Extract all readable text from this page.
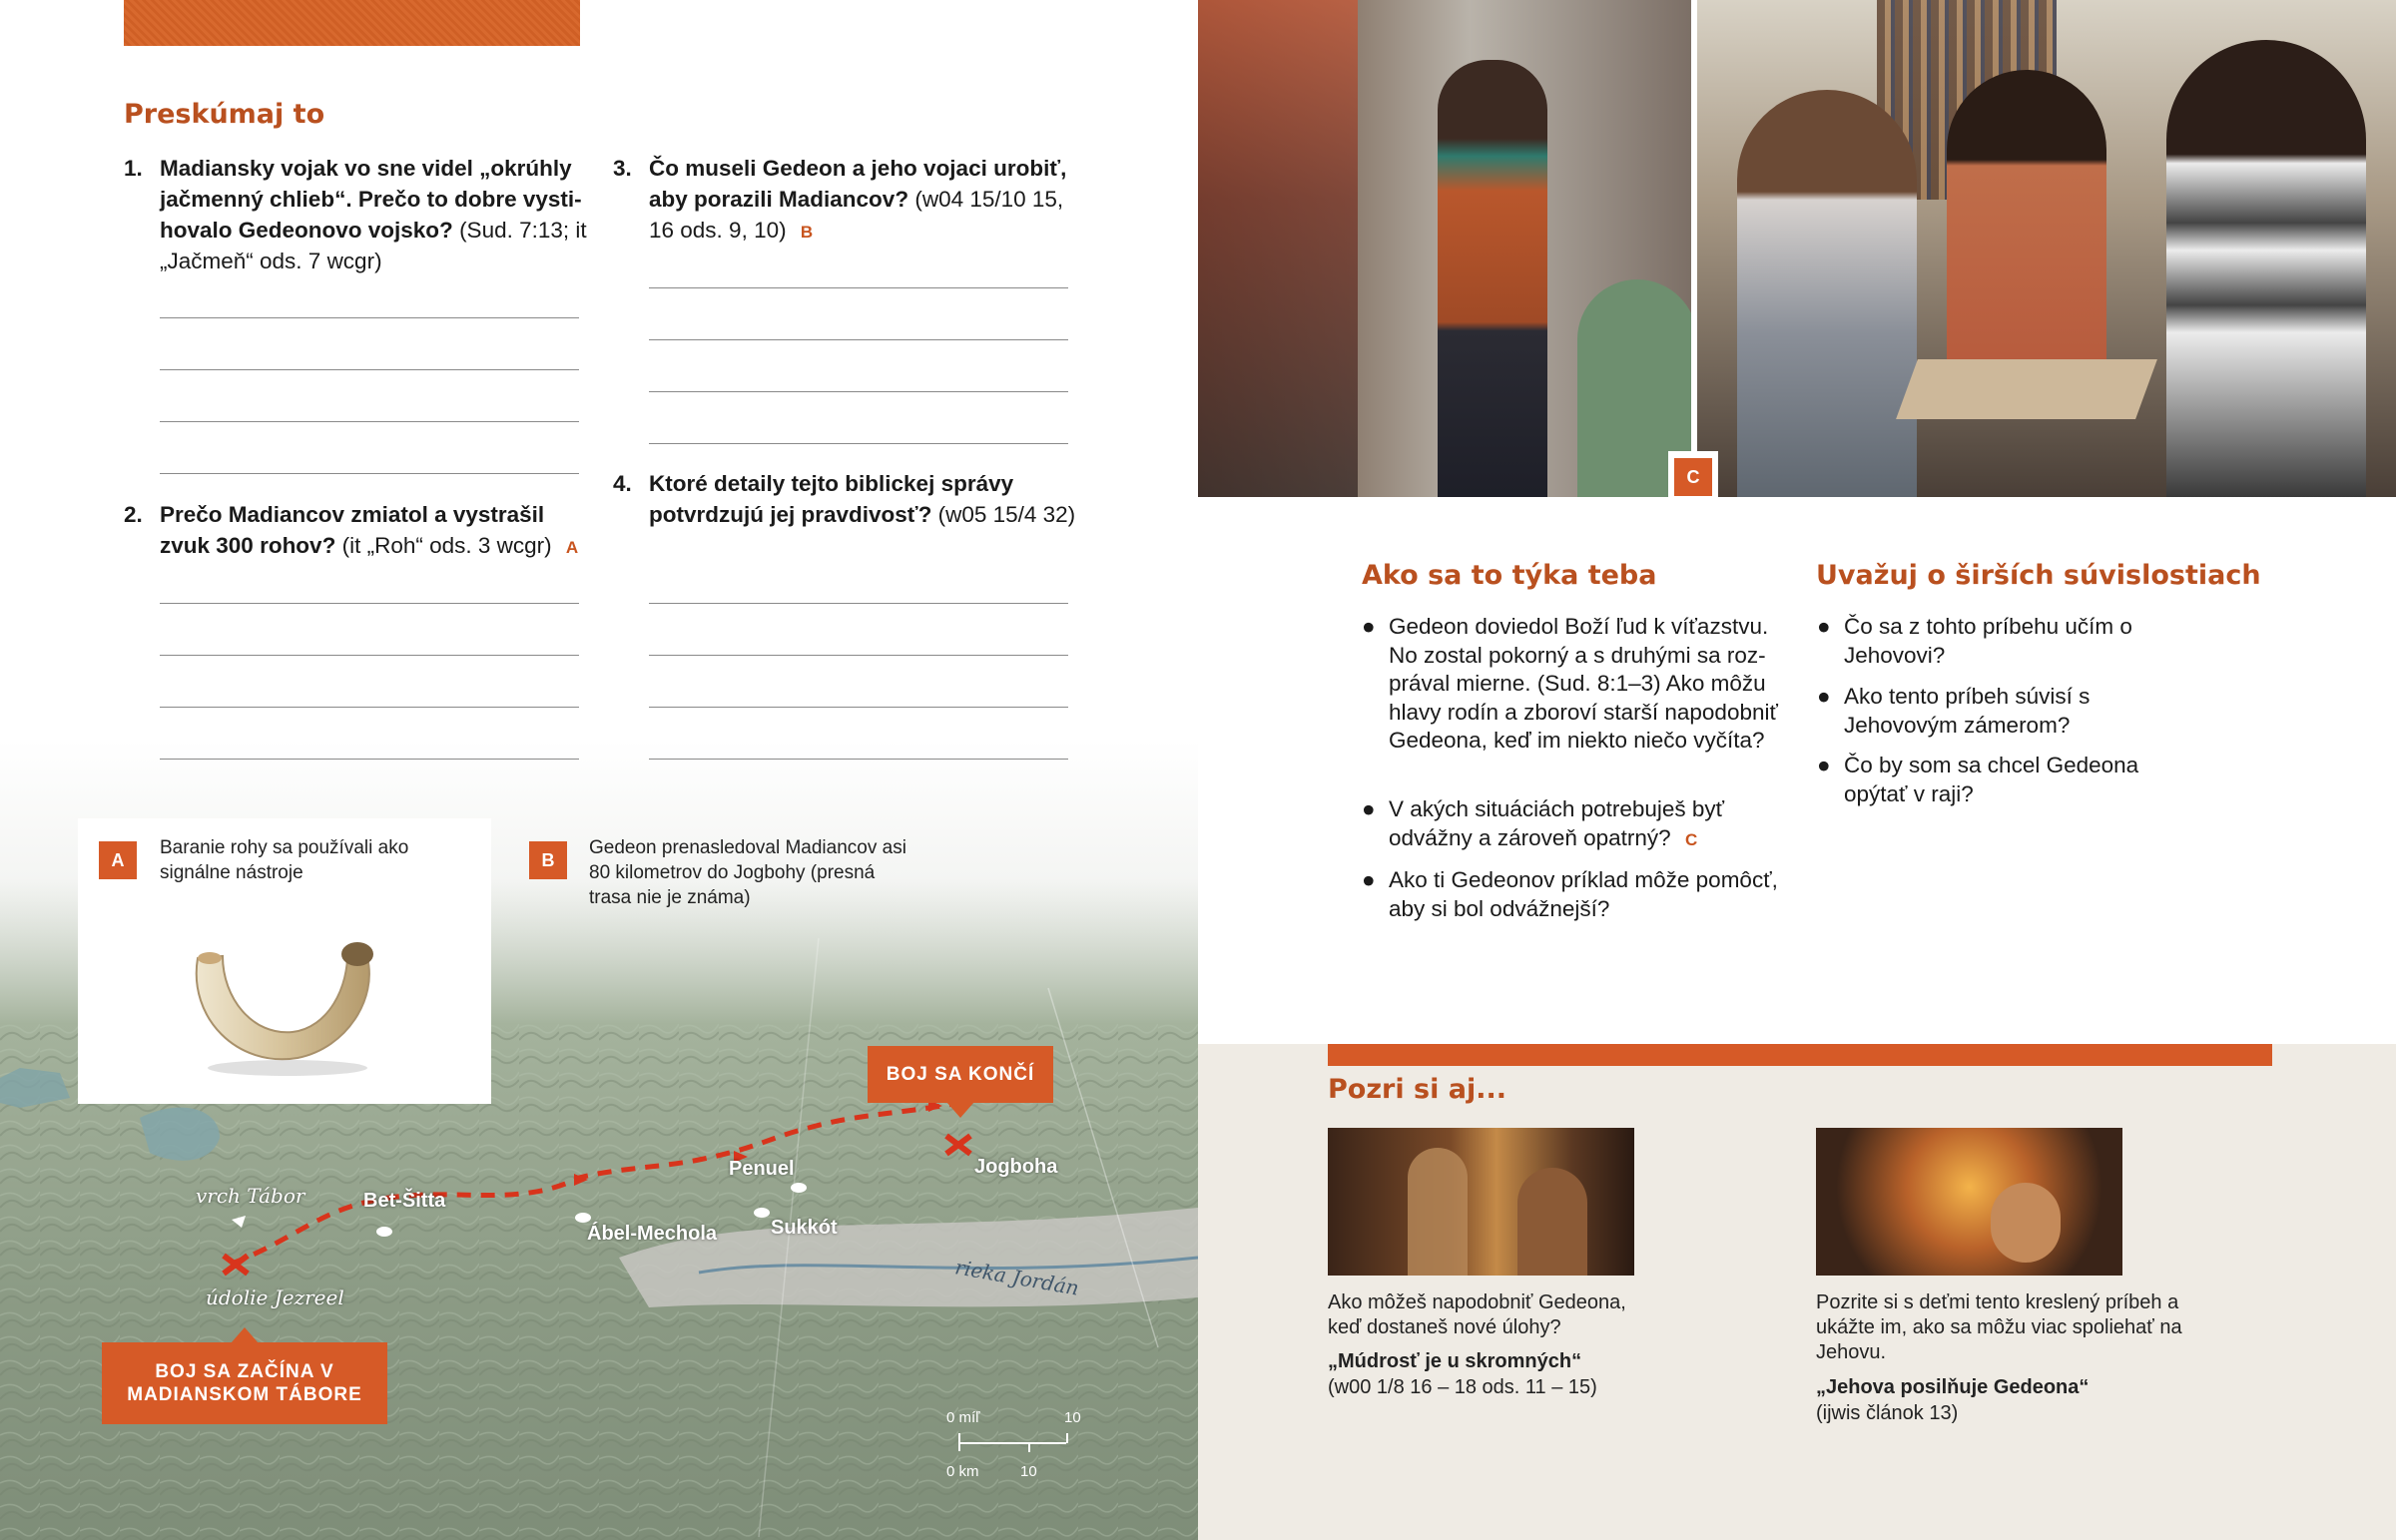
Preskúmaj to
1. Madiansky vojak vo sne videl „okrúhly jačmenný chlieb“. Prečo to dobre vystihovalo Gedeonovo vojsko? (Sud. 7:13; it „Jačmeň“ ods. 7 wcgr)
2. Prečo Madiancov zmiatol a vystrašil zvuk 300 rohov? (it „Roh“ ods. 3 wcgr) A
3. Čo museli Gedeon a jeho vojaci urobiť, aby porazili Madiancov? (w04 15/10 15, 16 ods. 9, 10) B
4. Ktoré detaily tejto biblickej správy potvrdzujú jej pravdivosť? (w05 15/4 32)
A
Baranie rohy sa používali ako signálne nástroje
B
Gedeon prenasledoval Madiancov asi 80 kilometrov do Jogbohy (presná trasa nie je známa)
vrch Tábor
údolie Jezreel
Bet-Šitta
Ábel-Mechola
Penuel
Sukkót
Jogboha
rieka Jordán
BOJ SA KONČÍ
BOJ SA ZAČÍNA V MADIANSKOM TÁBORE
0 míľ	10
0 km	10
C
Ako sa to týka teba
● Gedeon doviedol Boží ľud k víťazstvu. No zostal pokorný a s druhými sa rozprával mierne. (Sud. 8:1–3) Ako môžu hlavy rodín a zboroví starší napodobniť Gedeona, keď im niekto niečo vyčíta?
● V akých situáciách potrebuješ byť odvážny a zároveň opatrný? C
● Ako ti Gedeonov príklad môže pomôcť, aby si bol odvážnejší?
Uvažuj o širších súvislostiach
● Čo sa z tohto príbehu učím o Jehovovi?
● Ako tento príbeh súvisí s Jehovovým zámerom?
● Čo by som sa chcel Gedeona opýtať v raji?
Pozri si aj...
Ako môžeš napodobniť Gedeona, keď dostaneš nové úlohy?
„Múdrosť je u skromných“
(w00 1/8 16 – 18 ods. 11 – 15)
Pozrite si s deťmi tento kreslený príbeh a ukážte im, ako sa môžu viac spoliehať na Jehovu.
„Jehova posilňuje Gedeona“
(ijwis článok 13)
